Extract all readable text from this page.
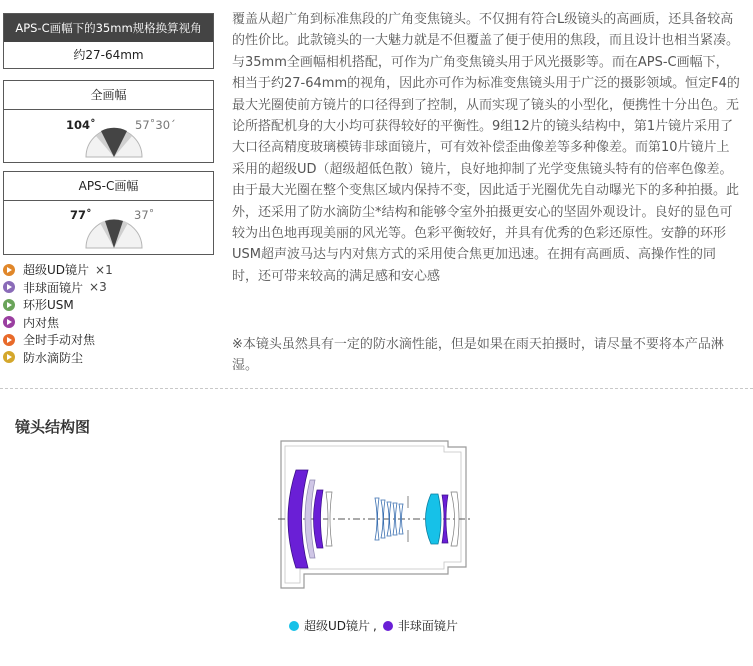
APS-C画幅下的35mm规格换算视角
约27-64mm
全画幅
104˚	57˚30´
APS-C画幅
77˚	37˚
超级UD镜片 ×1
非球面镜片 ×3
环形USM
内对焦
全时手动对焦
防水滴防尘

覆盖从超广角到标准焦段的广角变焦镜头。不仅拥有符合L级镜头的高画质，还具备较高的性价比。此款镜头的一大魅力就是不但覆盖了便于使用的焦段，而且设计也相当紧凑。与35mm全画幅相机搭配，可作为广角变焦镜头用于风光摄影等。而在APS-C画幅下，相当于约27-64mm的视角，因此亦可作为标准变焦镜头用于广泛的摄影领域。恒定F4的最大光圈使前方镜片的口径得到了控制，从而实现了镜头的小型化，便携性十分出色。无论所搭配机身的大小均可获得较好的平衡性。9组12片的镜头结构中，第1片镜片采用了大口径高精度玻璃模铸非球面镜片，可有效补偿歪曲像差等多种像差。而第10片镜片上采用的超级UD（超级超低色散）镜片，良好地抑制了光学变焦镜头特有的倍率色像差。由于最大光圈在整个变焦区域内保持不变，因此适于光圈优先自动曝光下的多种拍摄。此外，还采用了防水滴防尘*结构和能够令室外拍摄更安心的坚固外观设计。良好的显色可较为出色地再现美丽的风光等。色彩平衡较好，并具有优秀的色彩还原性。安静的环形USM超声波马达与内对焦方式的采用使合焦更加迅速。在拥有高画质、高操作性的同时，还可带来较高的满足感和安心感

※本镜头虽然具有一定的防水滴性能，但是如果在雨天拍摄时，请尽量不要将本产品淋湿。

镜头结构图
超级UD镜片 , 非球面镜片
